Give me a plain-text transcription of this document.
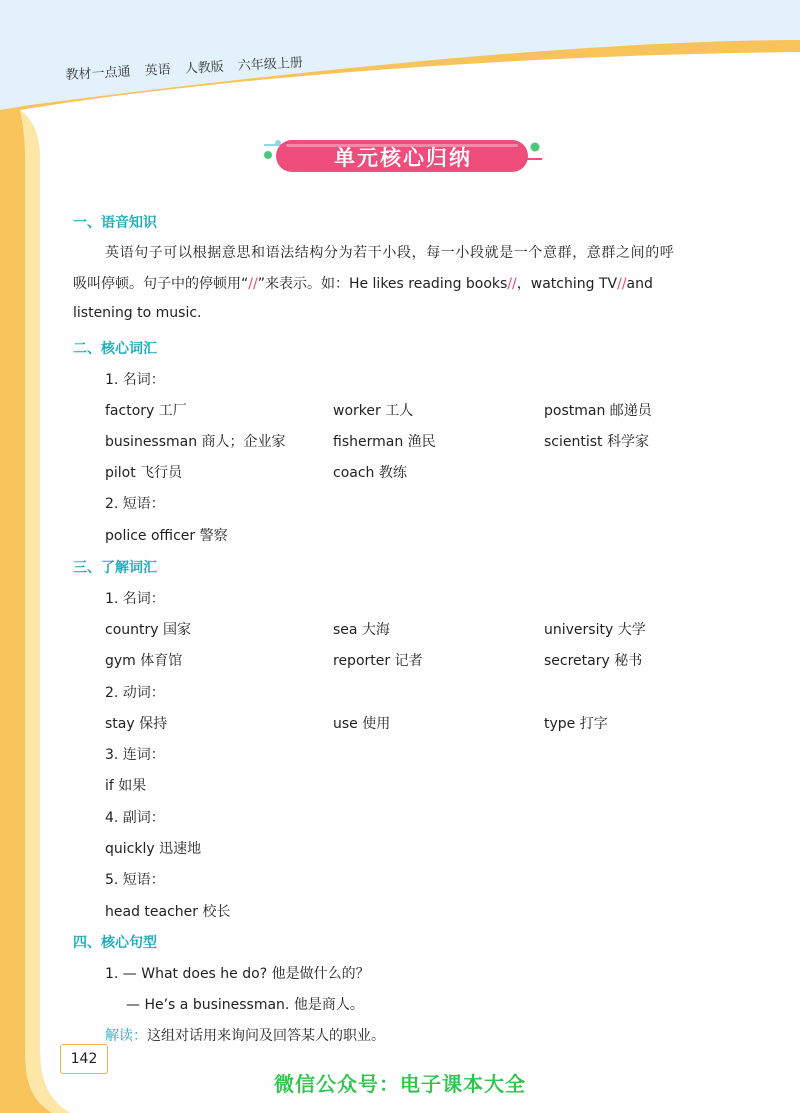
教材一点通 英语 人教版 六年级上册
单元核心归纳
一、语音知识
英语句子可以根据意思和语法结构分为若干小段，每一小段就是一个意群，意群之间的呼
吸叫停顿。句子中的停顿用“//”来表示。如：He likes reading books//，watching TV//and
listening to music.
二、核心词汇
1. 名词：
factory 工厂	worker 工人	postman 邮递员
businessman 商人；企业家	fisherman 渔民	scientist 科学家
pilot 飞行员	coach 教练
2. 短语：
police officer 警察
三、了解词汇
1. 名词：
country 国家	sea 大海	university 大学
gym 体育馆	reporter 记者	secretary 秘书
2. 动词：
stay 保持	use 使用	type 打字
3. 连词：
if 如果
4. 副词：
quickly 迅速地
5. 短语：
head teacher 校长
四、核心句型
1. — What does he do? 他是做什么的？
— He’s a businessman. 他是商人。
解读：这组对话用来询问及回答某人的职业。
142
微信公众号：电子课本大全
